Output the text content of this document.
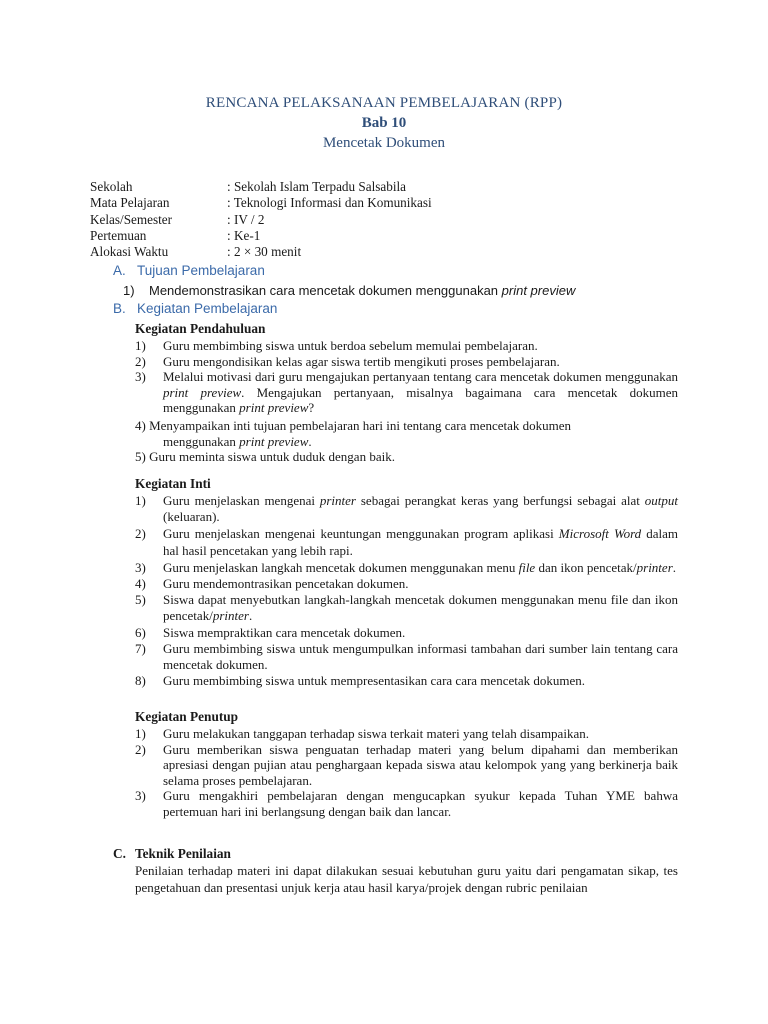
RENCANA PELAKSANAAN PEMBELAJARAN (RPP)
Bab 10
Mencetak Dokumen
Sekolah	: Sekolah Islam Terpadu Salsabila
Mata Pelajaran	: Teknologi Informasi dan Komunikasi
Kelas/Semester	: IV / 2
Pertemuan	: Ke-1
Alokasi Waktu	: 2 × 30 menit
A. Tujuan Pembelajaran
1) Mendemonstrasikan cara mencetak dokumen menggunakan print preview
B. Kegiatan Pembelajaran
Kegiatan Pendahuluan
1)	Guru membimbing siswa untuk berdoa sebelum memulai pembelajaran.
2)	Guru mengondisikan kelas agar siswa tertib mengikuti proses pembelajaran.
3)	Melalui motivasi dari guru mengajukan pertanyaan tentang cara mencetak dokumen menggunakan print preview. Mengajukan pertanyaan, misalnya bagaimana cara mencetak dokumen menggunakan print preview?
4) Menyampaikan inti tujuan pembelajaran hari ini tentang cara mencetak dokumen
menggunakan print preview.
5) Guru meminta siswa untuk duduk dengan baik.
Kegiatan Inti
1)	Guru menjelaskan mengenai printer sebagai perangkat keras yang berfungsi sebagai alat output (keluaran).
2)	Guru menjelaskan mengenai keuntungan menggunakan program aplikasi Microsoft Word dalam hal hasil pencetakan yang lebih rapi.
3)	Guru menjelaskan langkah mencetak dokumen menggunakan menu file dan ikon pencetak/printer.
4)	Guru mendemontrasikan pencetakan dokumen.
5)	Siswa dapat menyebutkan langkah-langkah mencetak dokumen menggunakan menu file dan ikon pencetak/printer.
6)	Siswa mempraktikan cara mencetak dokumen.
7)	Guru membimbing siswa untuk mengumpulkan informasi tambahan dari sumber lain tentang cara mencetak dokumen.
8)	Guru membimbing siswa untuk mempresentasikan cara cara mencetak dokumen.
Kegiatan Penutup
1)	Guru melakukan tanggapan terhadap siswa terkait materi yang telah disampaikan.
2)	Guru memberikan siswa penguatan terhadap materi yang belum dipahami dan memberikan apresiasi dengan pujian atau penghargaan kepada siswa atau kelompok yang yang berkinerja baik selama proses pembelajaran.
3)	Guru mengakhiri pembelajaran dengan mengucapkan syukur kepada Tuhan YME bahwa pertemuan hari ini berlangsung dengan baik dan lancar.
C. Teknik Penilaian
Penilaian terhadap materi ini dapat dilakukan sesuai kebutuhan guru yaitu dari pengamatan sikap, tes pengetahuan dan presentasi unjuk kerja atau hasil karya/projek dengan rubric penilaian
